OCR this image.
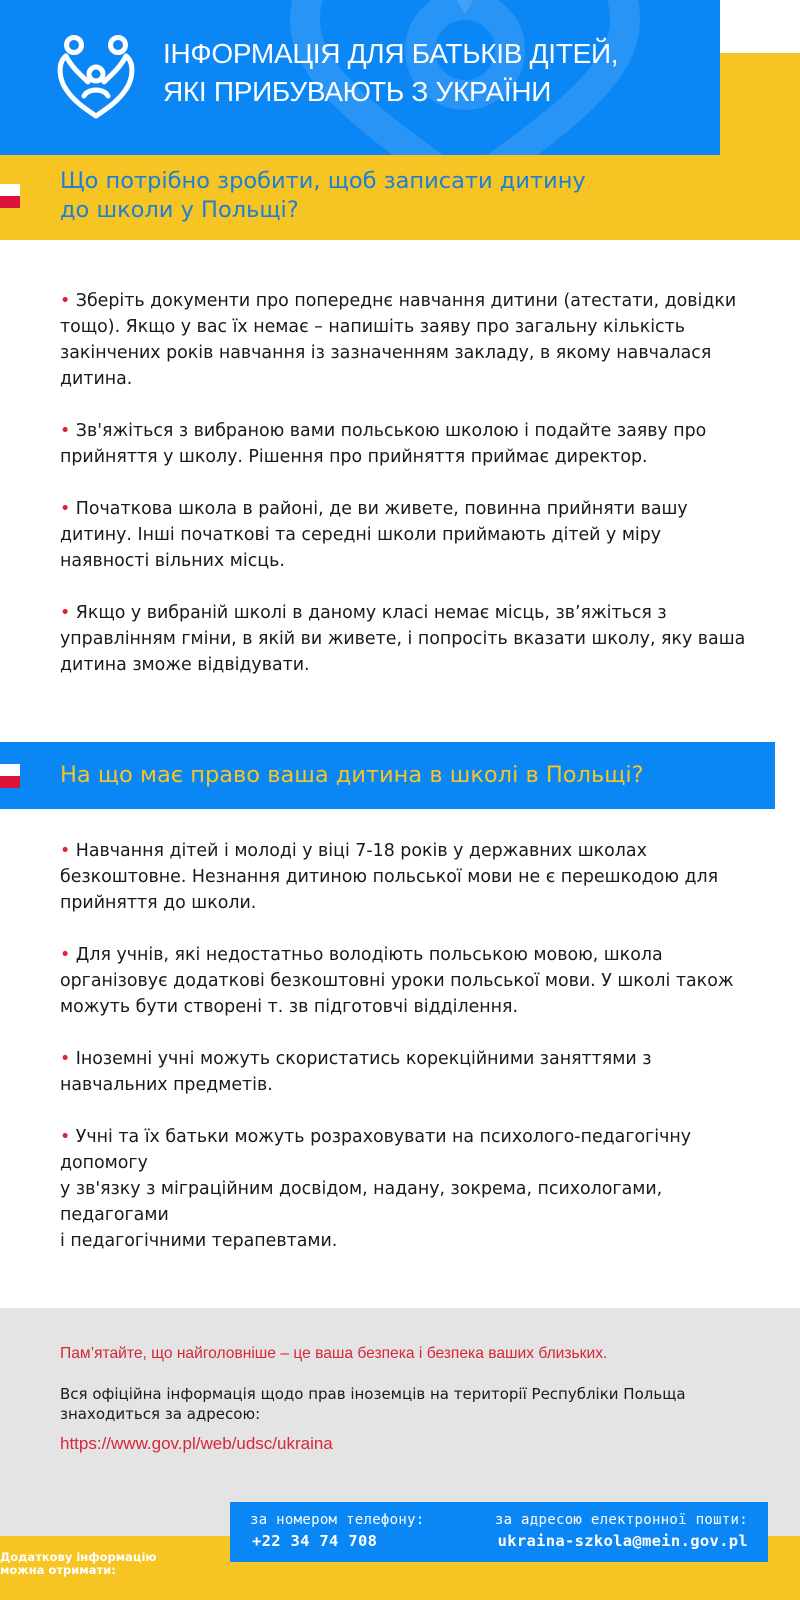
ІНФОРМАЦІЯ ДЛЯ БАТЬКІВ ДІТЕЙ,
ЯКІ ПРИБУВАЮТЬ З УКРАЇНИ
Що потрібно зробити, щоб записати дитину
до школи у Польщі?
• Зберіть документи про попереднє навчання дитини (атестати, довідки
тощо). Якщо у вас їх немає – напишіть заяву про загальну кількість
закінчених років навчання із зазначенням закладу, в якому навчалася
дитина.
• Зв'яжіться з вибраною вами польською школою і подайте заяву про
прийняття у школу. Рішення про прийняття приймає директор.
• Початкова школа в районі, де ви живете, повинна прийняти вашу
дитину. Інші початкові та середні школи приймають дітей у міру
наявності вільних місць.
• Якщо у вибраній школі в даному класі немає місць, зв’яжіться з
управлінням гміни, в якій ви живете, і попросіть вказати школу, яку ваша
дитина зможе відвідувати.
На що має право ваша дитина в школі в Польщі?
• Навчання дітей і молоді у віці 7-18 років у державних школах
безкоштовне. Незнання дитиною польської мови не є перешкодою для
прийняття до школи.
• Для учнів, які недостатньо володіють польською мовою, школа
організовує додаткові безкоштовні уроки польської мови. У школі також
можуть бути створені т. зв підготовчі відділення.
• Іноземні учні можуть скористатись корекційними заняттями з
навчальних предметів.
• Учні та їх батьки можуть розраховувати на психолого-педагогічну
допомогу
у зв'язку з міграційним досвідом, надану, зокрема, психологами,
педагогами
і педагогічними терапевтами.
Пам’ятайте, що найголовніше – це ваша безпека і безпека ваших близьких.
Вся офіційна інформація щодо прав іноземців на території Республіки Польща
знаходиться за адресою:
https://www.gov.pl/web/udsc/ukraina
Додаткову інформацію
можна отримати:
за номером телефону:
+22 34 74 708
за адресою електронної пошти:
ukraina-szkola@mein.gov.pl
